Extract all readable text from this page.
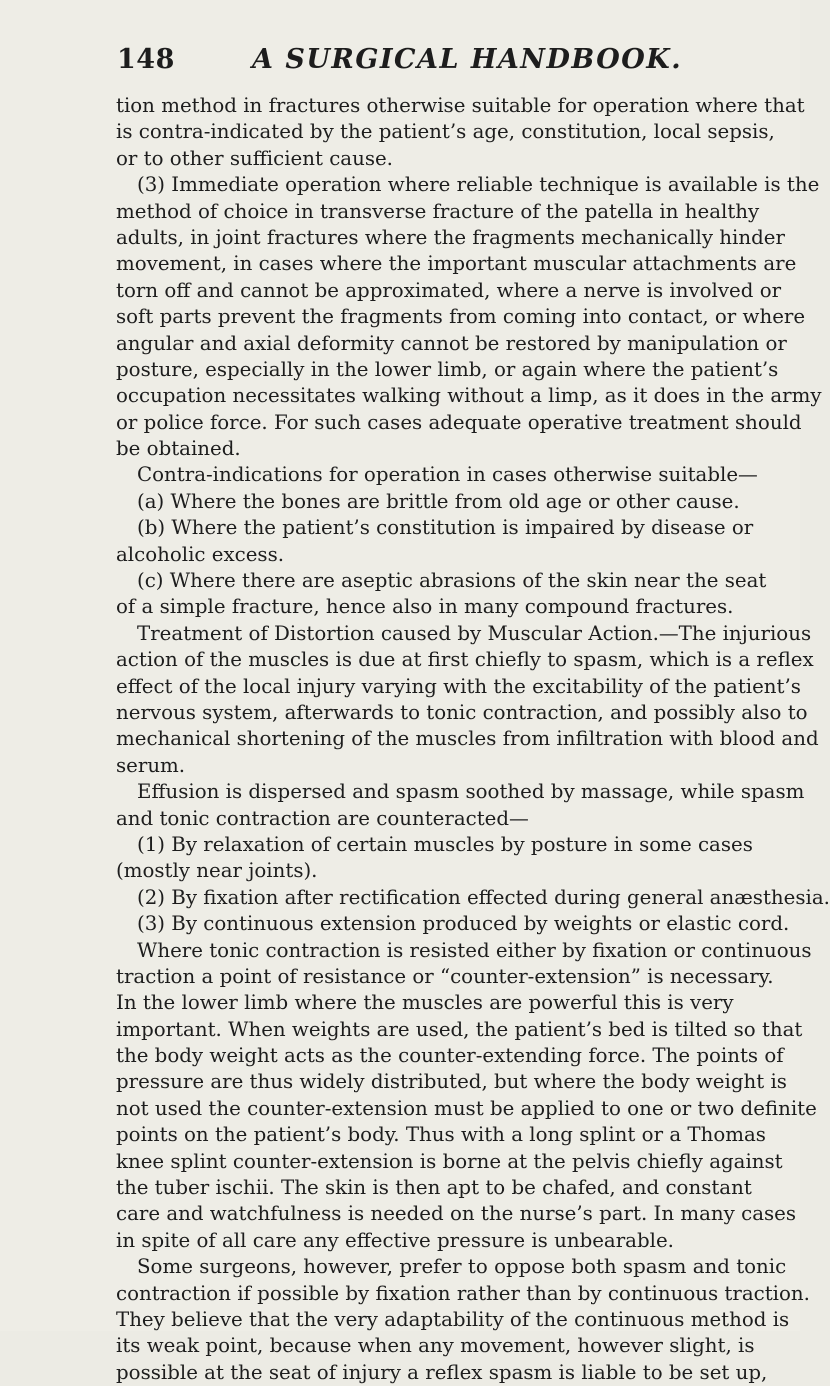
148	A SURGICAL HANDBOOK.
tion method in fractures otherwise suitable for operation where that
is contra-indicated by the patient’s age, constitution, local sepsis,
or to other sufficient cause.
(3) Immediate operation where reliable technique is available is the
method of choice in transverse fracture of the patella in healthy
adults, in joint fractures where the fragments mechanically hinder
movement, in cases where the important muscular attachments are
torn off and cannot be approximated, where a nerve is involved or
soft parts prevent the fragments from coming into contact, or where
angular and axial deformity cannot be restored by manipulation or
posture, especially in the lower limb, or again where the patient’s
occupation necessitates walking without a limp, as it does in the army
or police force. For such cases adequate operative treatment should
be obtained.
Contra-indications for operation in cases otherwise suitable—
(a) Where the bones are brittle from old age or other cause.
(b) Where the patient’s constitution is impaired by disease or
alcoholic excess.
(c) Where there are aseptic abrasions of the skin near the seat
of a simple fracture, hence also in many compound fractures.
Treatment of Distortion caused by Muscular Action.—The injurious
action of the muscles is due at first chiefly to spasm, which is a reflex
effect of the local injury varying with the excitability of the patient’s
nervous system, afterwards to tonic contraction, and possibly also to
mechanical shortening of the muscles from infiltration with blood and
serum.
Effusion is dispersed and spasm soothed by massage, while spasm
and tonic contraction are counteracted—
(1) By relaxation of certain muscles by posture in some cases
(mostly near joints).
(2) By fixation after rectification effected during general anæsthesia.
(3) By continuous extension produced by weights or elastic cord.
Where tonic contraction is resisted either by fixation or continuous
traction a point of resistance or “counter-extension” is necessary.
In the lower limb where the muscles are powerful this is very
important. When weights are used, the patient’s bed is tilted so that
the body weight acts as the counter-extending force. The points of
pressure are thus widely distributed, but where the body weight is
not used the counter-extension must be applied to one or two definite
points on the patient’s body. Thus with a long splint or a Thomas
knee splint counter-extension is borne at the pelvis chiefly against
the tuber ischii. The skin is then apt to be chafed, and constant
care and watchfulness is needed on the nurse’s part. In many cases
in spite of all care any effective pressure is unbearable.
Some surgeons, however, prefer to oppose both spasm and tonic
contraction if possible by fixation rather than by continuous traction.
They believe that the very adaptability of the continuous method is
its weak point, because when any movement, however slight, is
possible at the seat of injury a reflex spasm is liable to be set up,
